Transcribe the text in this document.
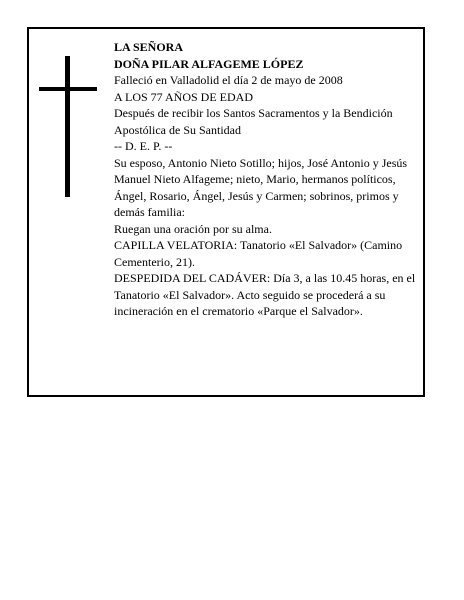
LA SEÑORA

DOÑA PILAR ALFAGEME LÓPEZ

Falleció en Valladolid el día 2 de mayo de 2008

A LOS 77 AÑOS DE EDAD

Después de recibir los Santos Sacramentos y la Bendición Apostólica de Su Santidad

-- D. E. P. --

Su esposo, Antonio Nieto Sotillo; hijos, José Antonio y Jesús Manuel Nieto Alfageme; nieto, Mario, hermanos políticos, Ángel, Rosario, Ángel, Jesús y Carmen; sobrinos, primos y demás familia:

Ruegan una oración por su alma.

CAPILLA VELATORIA: Tanatorio «El Salvador» (Camino Cementerio, 21).

DESPEDIDA DEL CADÁVER: Día 3, a las 10.45 horas, en el Tanatorio «El Salvador». Acto seguido se procederá a su incineración en el crematorio «Parque el Salvador».
